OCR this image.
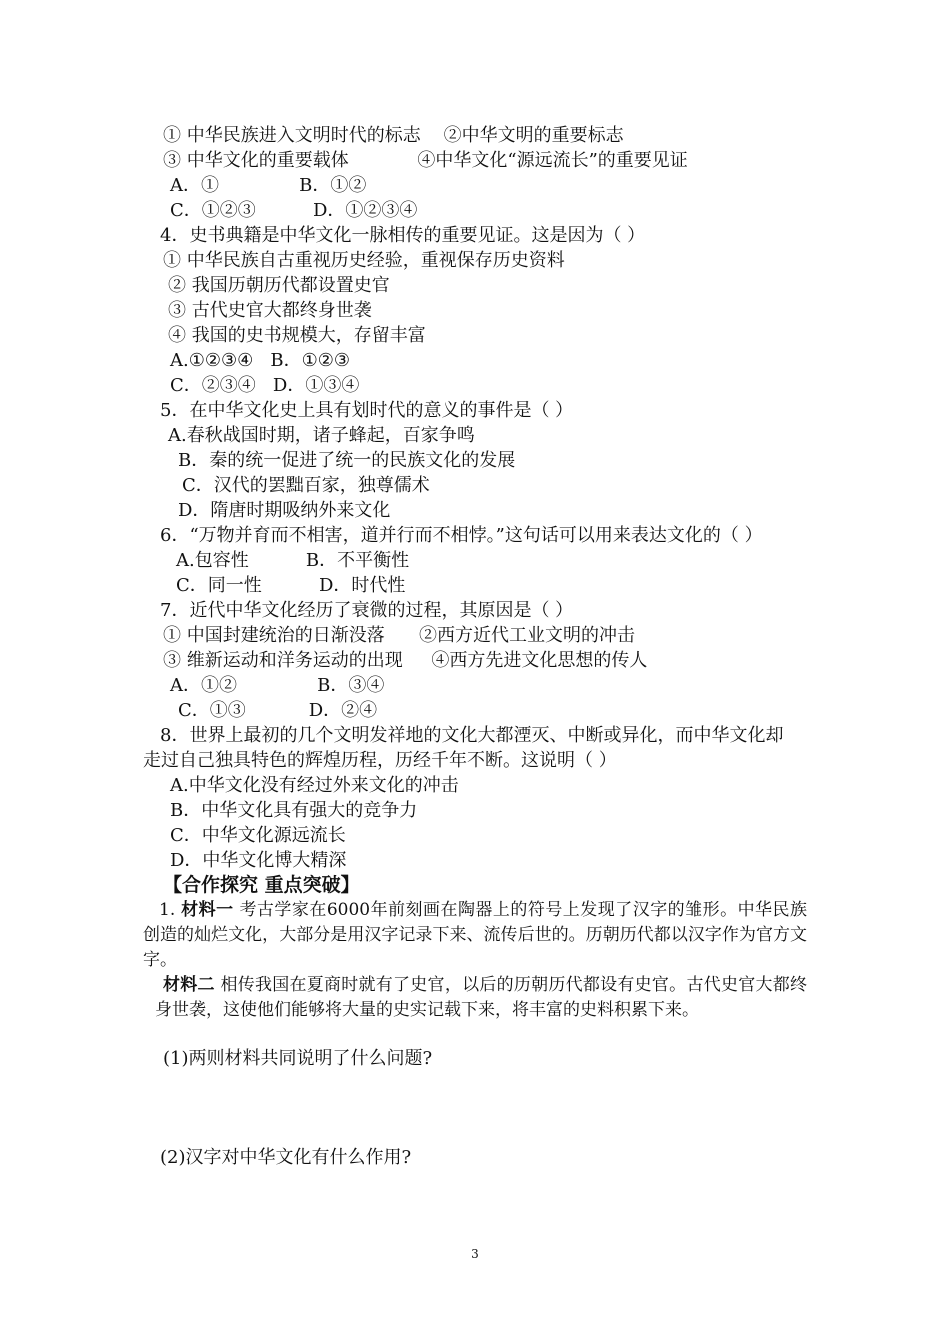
① 中华民族进入文明时代的标志    ②中华文明的重要标志
③ 中华文化的重要载体            ④中华文化“源远流长”的重要见证
A．①              B．①②
C．①②③          D．①②③④
4．史书典籍是中华文化一脉相传的重要见证。这是因为（ ）
① 中华民族自古重视历史经验，重视保存历史资料
② 我国历朝历代都设置史官
③ 古代史官大都终身世袭
④ 我国的史书规模大，存留丰富
A.①②③④   B．①②③
C．②③④   D．①③④
5．在中华文化史上具有划时代的意义的事件是（ ）
A.春秋战国时期，诸子蜂起，百家争鸣
B．秦的统一促进了统一的民族文化的发展
C．汉代的罢黜百家，独尊儒术
D．隋唐时期吸纳外来文化
6．“万物并育而不相害，道并行而不相悖。”这句话可以用来表达文化的（ ）
A.包容性          B．不平衡性
C．同一性          D．时代性
7．近代中华文化经历了衰微的过程，其原因是（ ）
① 中国封建统治的日渐没落      ②西方近代工业文明的冲击
③ 维新运动和洋务运动的出现     ④西方先进文化思想的传人
A．①②              B．③④
C．①③           D．②④
8．世界上最初的几个文明发祥地的文化大都湮灭、中断或异化，而中华文化却
走过自己独具特色的辉煌历程，历经千年不断。这说明（ ）
A.中华文化没有经过外来文化的冲击
B．中华文化具有强大的竞争力
C．中华文化源远流长
D．中华文化博大精深
【合作探究 重点突破】
1. 材料一 考古学家在6000年前刻画在陶器上的符号上发现了汉字的雏形。中华民族创造的灿烂文化，大部分是用汉字记录下来、流传后世的。历朝历代都以汉字作为官方文字。
材料二 相传我国在夏商时就有了史官，以后的历朝历代都设有史官。古代史官大都终身世袭，这使他们能够将大量的史实记载下来，将丰富的史料积累下来。
(1)两则材料共同说明了什么问题?
(2)汉字对中华文化有什么作用?
3
